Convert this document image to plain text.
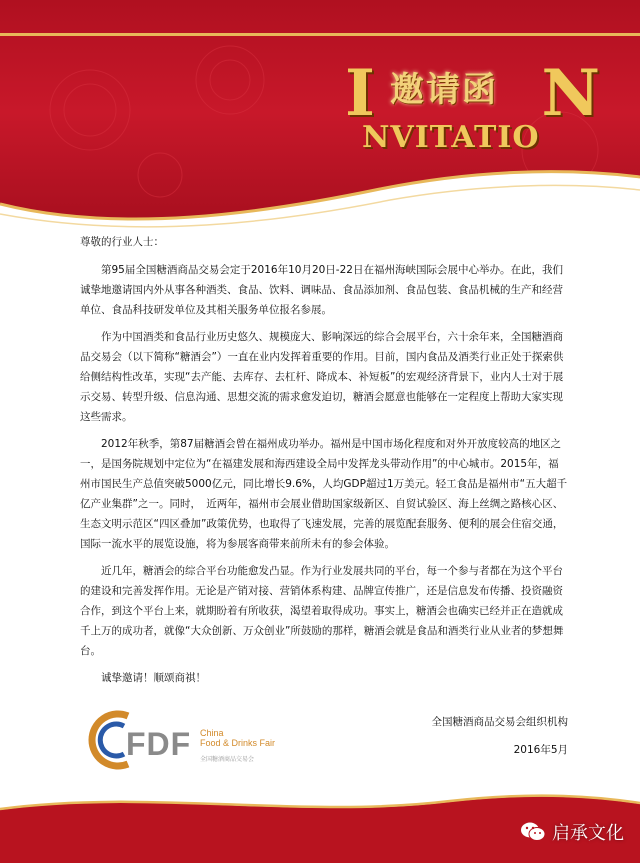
I 邀请函
NVITATION

尊敬的行业人士：

第95届全国糖酒商品交易会定于2016年10月20日-22日在福州海峡国际会展中心举办。在此，我们诚挚地邀请国内外从事各种酒类、食品、饮料、调味品、食品添加剂、食品包装、食品机械的生产和经营单位、食品科技研发单位及其相关服务单位报名参展。

作为中国酒类和食品行业历史悠久、规模庞大、影响深远的综合会展平台，六十余年来，全国糖酒商品交易会（以下简称“糖酒会”）一直在业内发挥着重要的作用。目前，国内食品及酒类行业正处于探索供给侧结构性改革，实现“去产能、去库存、去杠杆、降成本、补短板”的宏观经济背景下，业内人士对于展示交易、转型升级、信息沟通、思想交流的需求愈发迫切，糖酒会愿意也能够在一定程度上帮助大家实现这些需求。

2012年秋季，第87届糖酒会曾在福州成功举办。福州是中国市场化程度和对外开放度较高的地区之一，是国务院规划中定位为“在福建发展和海西建设全局中发挥龙头带动作用”的中心城市。2015年，福州市国民生产总值突破5000亿元，同比增长9.6%，人均GDP超过1万美元。轻工食品是福州市“五大超千亿产业集群”之一。同时，　近两年，福州市会展业借助国家级新区、自贸试验区、海上丝绸之路核心区、生态文明示范区“四区叠加”政策优势，也取得了飞速发展，完善的展览配套服务、便利的展会住宿交通，国际一流水平的展览设施，将为参展客商带来前所未有的参会体验。

近几年，糖酒会的综合平台功能愈发凸显。作为行业发展共同的平台，每一个参与者都在为这个平台的建设和完善发挥作用。无论是产销对接、营销体系构建、品牌宣传推广，还是信息发布传播、投资融资合作，到这个平台上来，就期盼着有所收获，渴望着取得成功。事实上，糖酒会也确实已经并正在造就成千上万的成功者，就像“大众创新、万众创业”所鼓励的那样，糖酒会就是食品和酒类行业从业者的梦想舞台。

诚挚邀请！顺颂商祺！

全国糖酒商品交易会组织机构
2016年5月
FDF China
Food & Drinks Fair
全国糖酒商品交易会
启承文化
